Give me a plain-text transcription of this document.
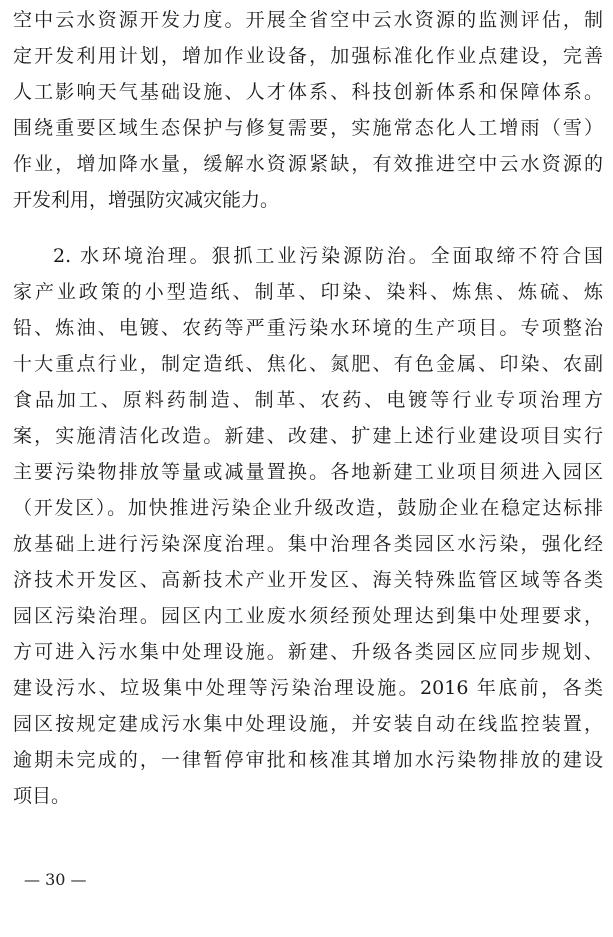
空中云水资源开发力度。开展全省空中云水资源的监测评估，制
定开发利用计划，增加作业设备，加强标准化作业点建设，完善
人工影响天气基础设施、人才体系、科技创新体系和保障体系。
围绕重要区域生态保护与修复需要，实施常态化人工增雨（雪）
作业，增加降水量，缓解水资源紧缺，有效推进空中云水资源的
开发利用，增强防灾减灾能力。
2. 水环境治理。狠抓工业污染源防治。全面取缔不符合国
家产业政策的小型造纸、制革、印染、染料、炼焦、炼硫、炼
铅、炼油、电镀、农药等严重污染水环境的生产项目。专项整治
十大重点行业，制定造纸、焦化、氮肥、有色金属、印染、农副
食品加工、原料药制造、制革、农药、电镀等行业专项治理方
案，实施清洁化改造。新建、改建、扩建上述行业建设项目实行
主要污染物排放等量或减量置换。各地新建工业项目须进入园区
（开发区）。加快推进污染企业升级改造，鼓励企业在稳定达标排
放基础上进行污染深度治理。集中治理各类园区水污染，强化经
济技术开发区、高新技术产业开发区、海关特殊监管区域等各类
园区污染治理。园区内工业废水须经预处理达到集中处理要求，
方可进入污水集中处理设施。新建、升级各类园区应同步规划、
建设污水、垃圾集中处理等污染治理设施。2016 年底前，各类
园区按规定建成污水集中处理设施，并安装自动在线监控装置，
逾期未完成的，一律暂停审批和核准其增加水污染物排放的建设
项目。
— 30 —
